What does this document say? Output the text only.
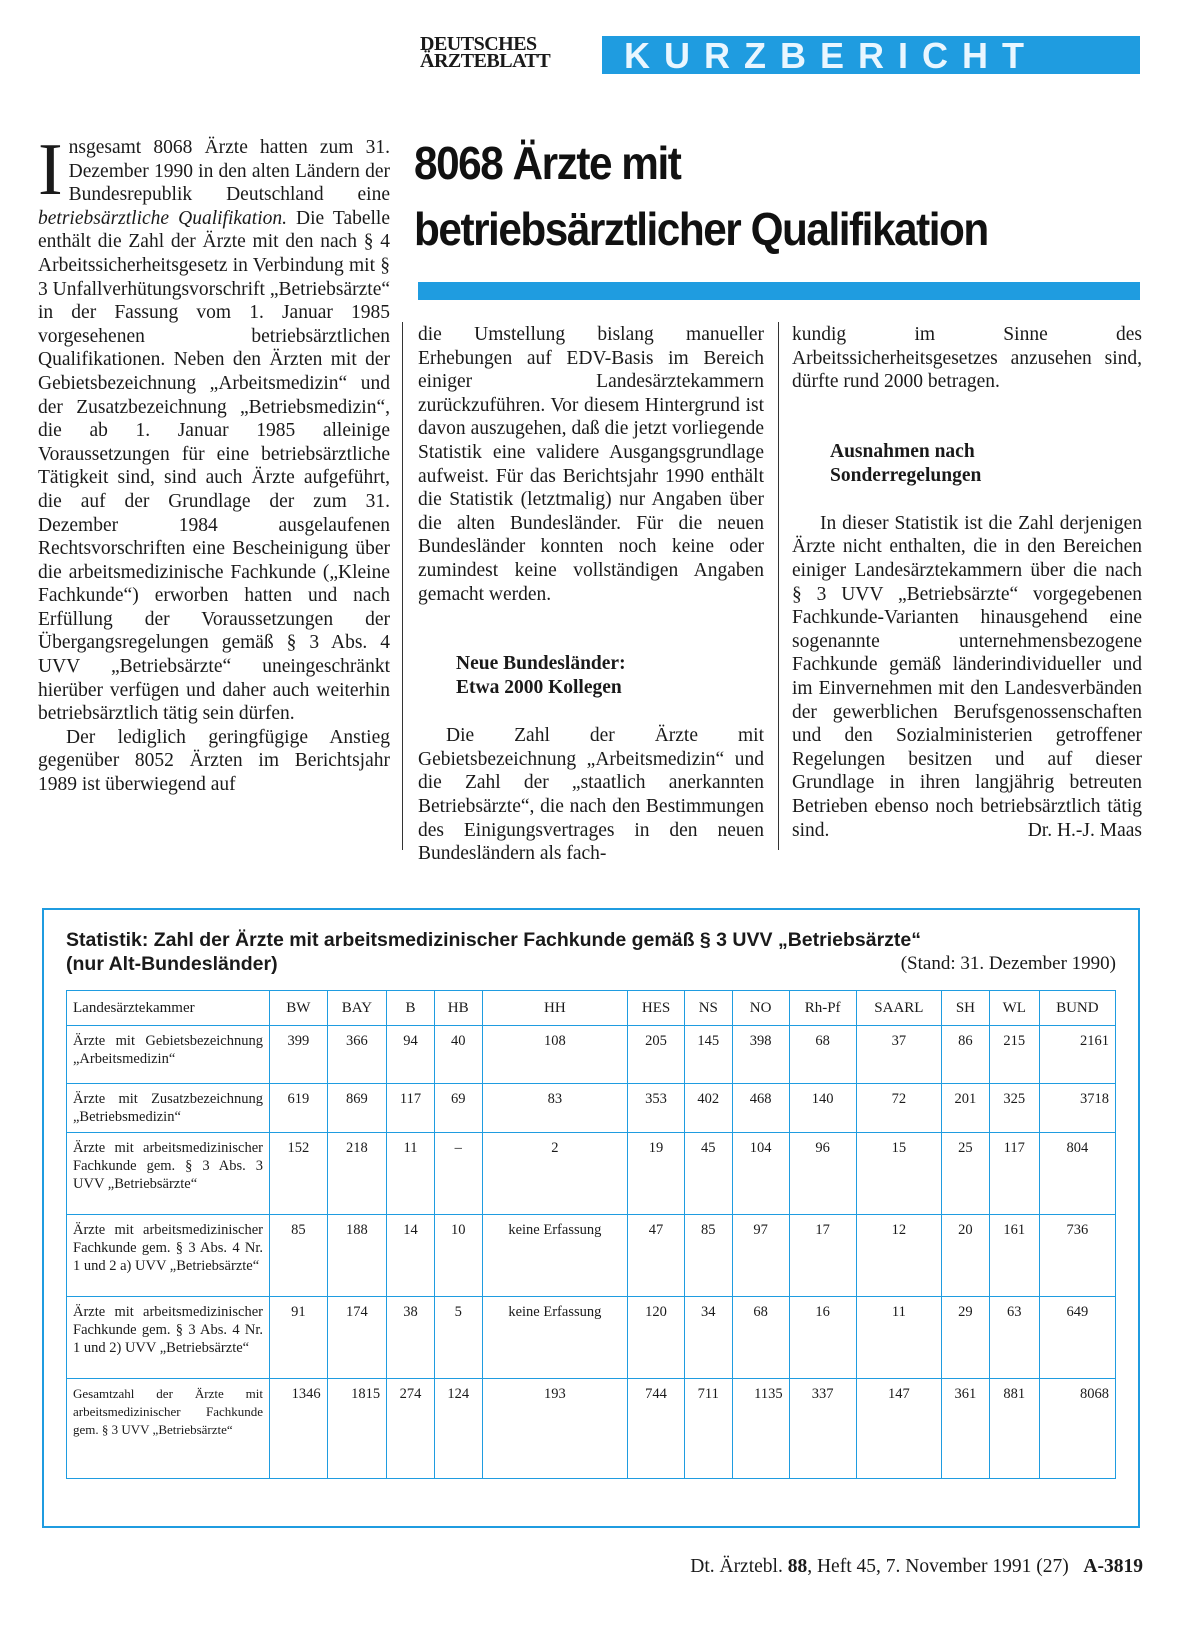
DEUTSCHES
ÄRZTEBLATT	KURZBERICHT
8068 Ärzte mit
betriebsärztlicher Qualifikation

Insgesamt 8068 Ärzte hatten zum 31. Dezember 1990 in den alten Ländern der Bundesrepublik Deutschland eine betriebsärztliche Qualifikation. Die Tabelle enthält die Zahl der Ärzte mit den nach § 4 Arbeitssicherheitsgesetz in Verbindung mit § 3 Unfallverhütungsvorschrift „Betriebsärzte“ in der Fassung vom 1. Januar 1985 vorgesehenen betriebsärztlichen Qualifikationen. Neben den Ärzten mit der Gebietsbezeichnung „Arbeitsmedizin“ und der Zusatzbezeichnung „Betriebsmedizin“, die ab 1. Januar 1985 alleinige Voraussetzungen für eine betriebsärztliche Tätigkeit sind, sind auch Ärzte aufgeführt, die auf der Grundlage der zum 31. Dezember 1984 ausgelaufenen Rechtsvorschriften eine Bescheinigung über die arbeitsmedizinische Fachkunde („Kleine Fachkunde“) erworben hatten und nach Erfüllung der Voraussetzungen der Übergangsregelungen gemäß § 3 Abs. 4 UVV „Betriebsärzte“ uneingeschränkt hierüber verfügen und daher auch weiterhin betriebsärztlich tätig sein dürfen.

Der lediglich geringfügige Anstieg gegenüber 8052 Ärzten im Berichtsjahr 1989 ist überwiegend auf

die Umstellung bislang manueller Erhebungen auf EDV-Basis im Bereich einiger Landesärztekammern zurückzuführen. Vor diesem Hintergrund ist davon auszugehen, daß die jetzt vorliegende Statistik eine validere Ausgangsgrundlage aufweist. Für das Berichtsjahr 1990 enthält die Statistik (letztmalig) nur Angaben über die alten Bundesländer. Für die neuen Bundesländer konnten noch keine oder zumindest keine vollständigen Angaben gemacht werden.

Neue Bundesländer:
Etwa 2000 Kollegen

Die Zahl der Ärzte mit Gebietsbezeichnung „Arbeitsmedizin“ und die Zahl der „staatlich anerkannten Betriebsärzte“, die nach den Bestimmungen des Einigungsvertrages in den neuen Bundesländern als fach-

kundig im Sinne des Arbeitssicherheitsgesetzes anzusehen sind, dürfte rund 2000 betragen.

Ausnahmen nach
Sonderregelungen

In dieser Statistik ist die Zahl derjenigen Ärzte nicht enthalten, die in den Bereichen einiger Landesärztekammern über die nach § 3 UVV „Betriebsärzte“ vorgegebenen Fachkunde-Varianten hinausgehend eine sogenannte unternehmensbezogene Fachkunde gemäß länderindividueller und im Einvernehmen mit den Landesverbänden der gewerblichen Berufsgenossenschaften und den Sozialministerien getroffener Regelungen besitzen und auf dieser Grundlage in ihren langjährig betreuten Betrieben ebenso noch betriebsärztlich tätig sind.	Dr. H.-J. Maas
Statistik: Zahl der Ärzte mit arbeitsmedizinischer Fachkunde gemäß § 3 UVV „Betriebsärzte“
(nur Alt-Bundesländer)	(Stand: 31. Dezember 1990)
Landesärztekammer	BW	BAY	B	HB	HH	HES	NS	NO	Rh-Pf	SAARL	SH	WL	BUND
Ärzte mit Gebietsbezeichnung „Arbeitsmedizin“	399	366	94	40	108	205	145	398	68	37	86	215	2161
Ärzte mit Zusatzbezeichnung „Betriebsmedizin“	619	869	117	69	83	353	402	468	140	72	201	325	3718
Ärzte mit arbeitsmedizinischer Fachkunde gem. § 3 Abs. 3 UVV „Betriebsärzte“	152	218	11	–	2	19	45	104	96	15	25	117	804
Ärzte mit arbeitsmedizinischer Fachkunde gem. § 3 Abs. 4 Nr. 1 und 2 a) UVV „Betriebsärzte“	85	188	14	10	keine Erfassung	47	85	97	17	12	20	161	736
Ärzte mit arbeitsmedizinischer Fachkunde gem. § 3 Abs. 4 Nr. 1 und 2) UVV „Betriebsärzte“	91	174	38	5	keine Erfassung	120	34	68	16	11	29	63	649
Gesamtzahl der Ärzte mit arbeitsmedizinischer Fachkunde gem. § 3 UVV „Betriebsärzte“	1346	1815	274	124	193	744	711	1135	337	147	361	881	8068
Dt. Ärztebl. 88, Heft 45, 7. November 1991 (27) A-3819
